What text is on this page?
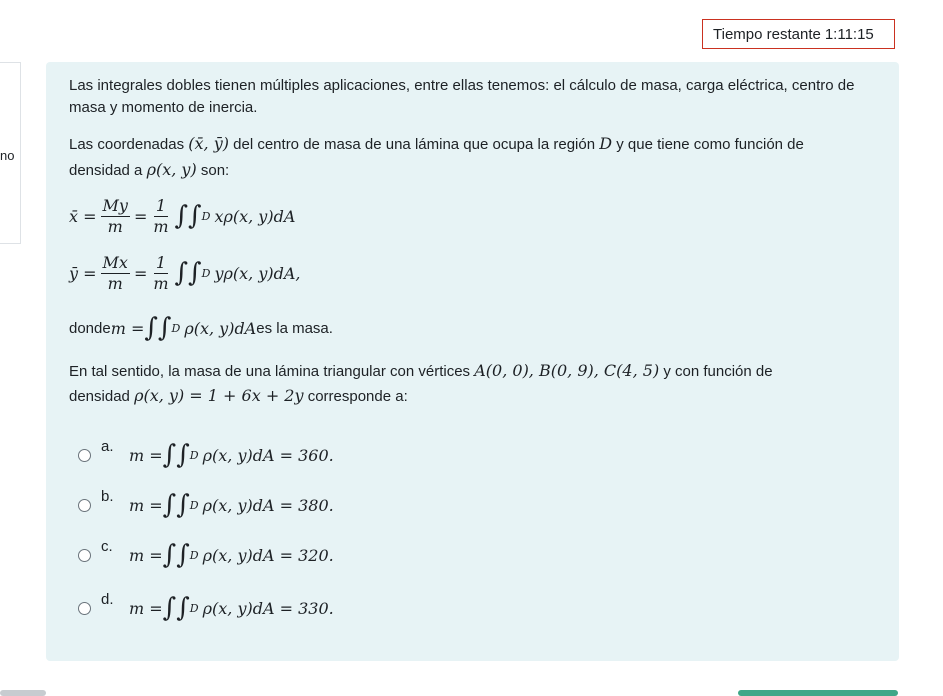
Tiempo restante 1:11:15
no

Las integrales dobles tienen múltiples aplicaciones, entre ellas tenemos: el cálculo de masa, carga eléctrica, centro de masa y momento de inercia.

Las coordenadas (x̄, ȳ) del centro de masa de una lámina que ocupa la región D y que tiene como función de

densidad a ρ(x, y) son:

x̄ = $\frac{My}{m} = \frac{1}{m}$ ∫∫ D xρ(x, y)dA
ȳ = $\frac{Mx}{m} = \frac{1}{m}$ ∫∫ D yρ(x, y)dA,
donde m = ∫∫ D ρ(x, y)dA es la masa.

En tal sentido, la masa de una lámina triangular con vértices A(0, 0), B(0, 9), C(4, 5) y con función de

densidad ρ(x, y) = 1 + 6x + 2y corresponde a:

a. m = ∫∫ D ρ(x, y)dA = 360.
b. m = ∫∫ D ρ(x, y)dA = 380.
c.	m = ∫∫ D ρ(x, y)dA = 320.
d. m = ∫∫ D ρ(x, y)dA = 330.
